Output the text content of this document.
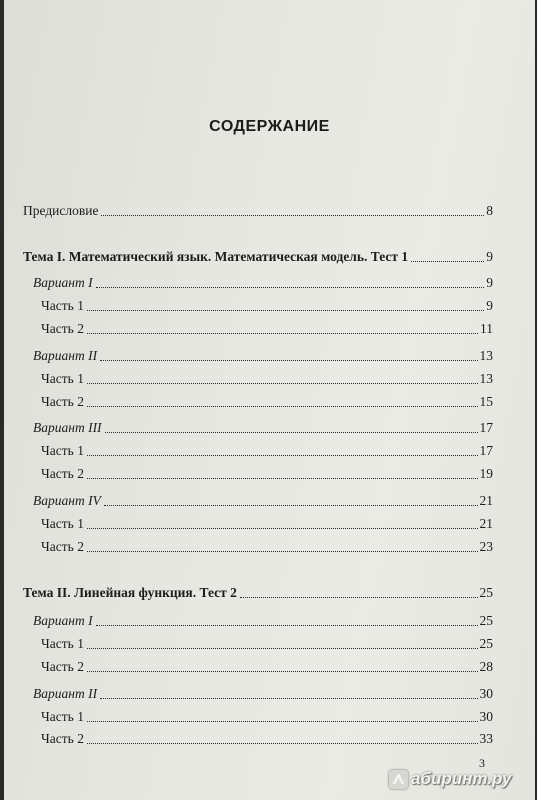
СОДЕРЖАНИЕ
Предисловие	8
Тема I. Математический язык. Математическая модель. Тест 1	9
Вариант I	9
Часть 1	9
Часть 2	11
Вариант II	13
Часть 1	13
Часть 2	15
Вариант III	17
Часть 1	17
Часть 2	19
Вариант IV	21
Часть 1	21
Часть 2	23
Тема II. Линейная функция. Тест 2	25
Вариант I	25
Часть 1	25
Часть 2	28
Вариант II	30
Часть 1	30
Часть 2	33
3
абиринт.ру
